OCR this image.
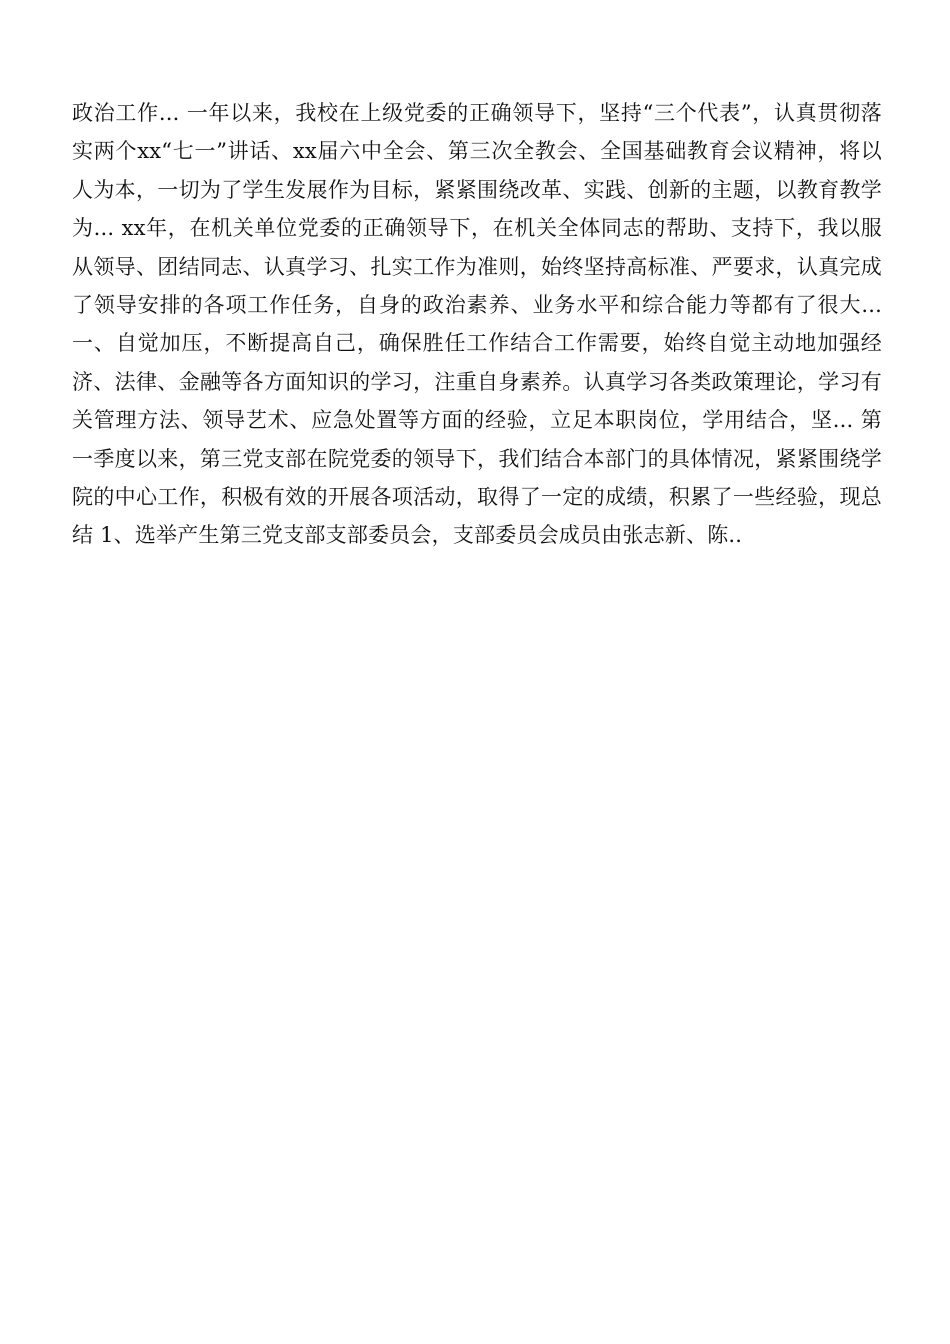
政治工作... 一年以来，我校在上级党委的正确领导下，坚持“三个代表”，认真贯彻落实两个xx“七一”讲话、xx届六中全会、第三次全教会、全国基础教育会议精神，将以人为本，一切为了学生发展作为目标，紧紧围绕改革、实践、创新的主题，以教育教学为... xx年，在机关单位党委的正确领导下，在机关全体同志的帮助、支持下，我以服从领导、团结同志、认真学习、扎实工作为准则，始终坚持高标准、严要求，认真完成了领导安排的各项工作任务，自身的政治素养、业务水平和综合能力等都有了很大... 一、自觉加压，不断提高自己，确保胜任工作结合工作需要，始终自觉主动地加强经济、法律、金融等各方面知识的学习，注重自身素养。认真学习各类政策理论，学习有关管理方法、领导艺术、应急处置等方面的经验，立足本职岗位，学用结合，坚... 第一季度以来，第三党支部在院党委的领导下，我们结合本部门的具体情况，紧紧围绕学院的中心工作，积极有效的开展各项活动，取得了一定的成绩，积累了一些经验，现总结 1、选举产生第三党支部支部委员会，支部委员会成员由张志新、陈..
